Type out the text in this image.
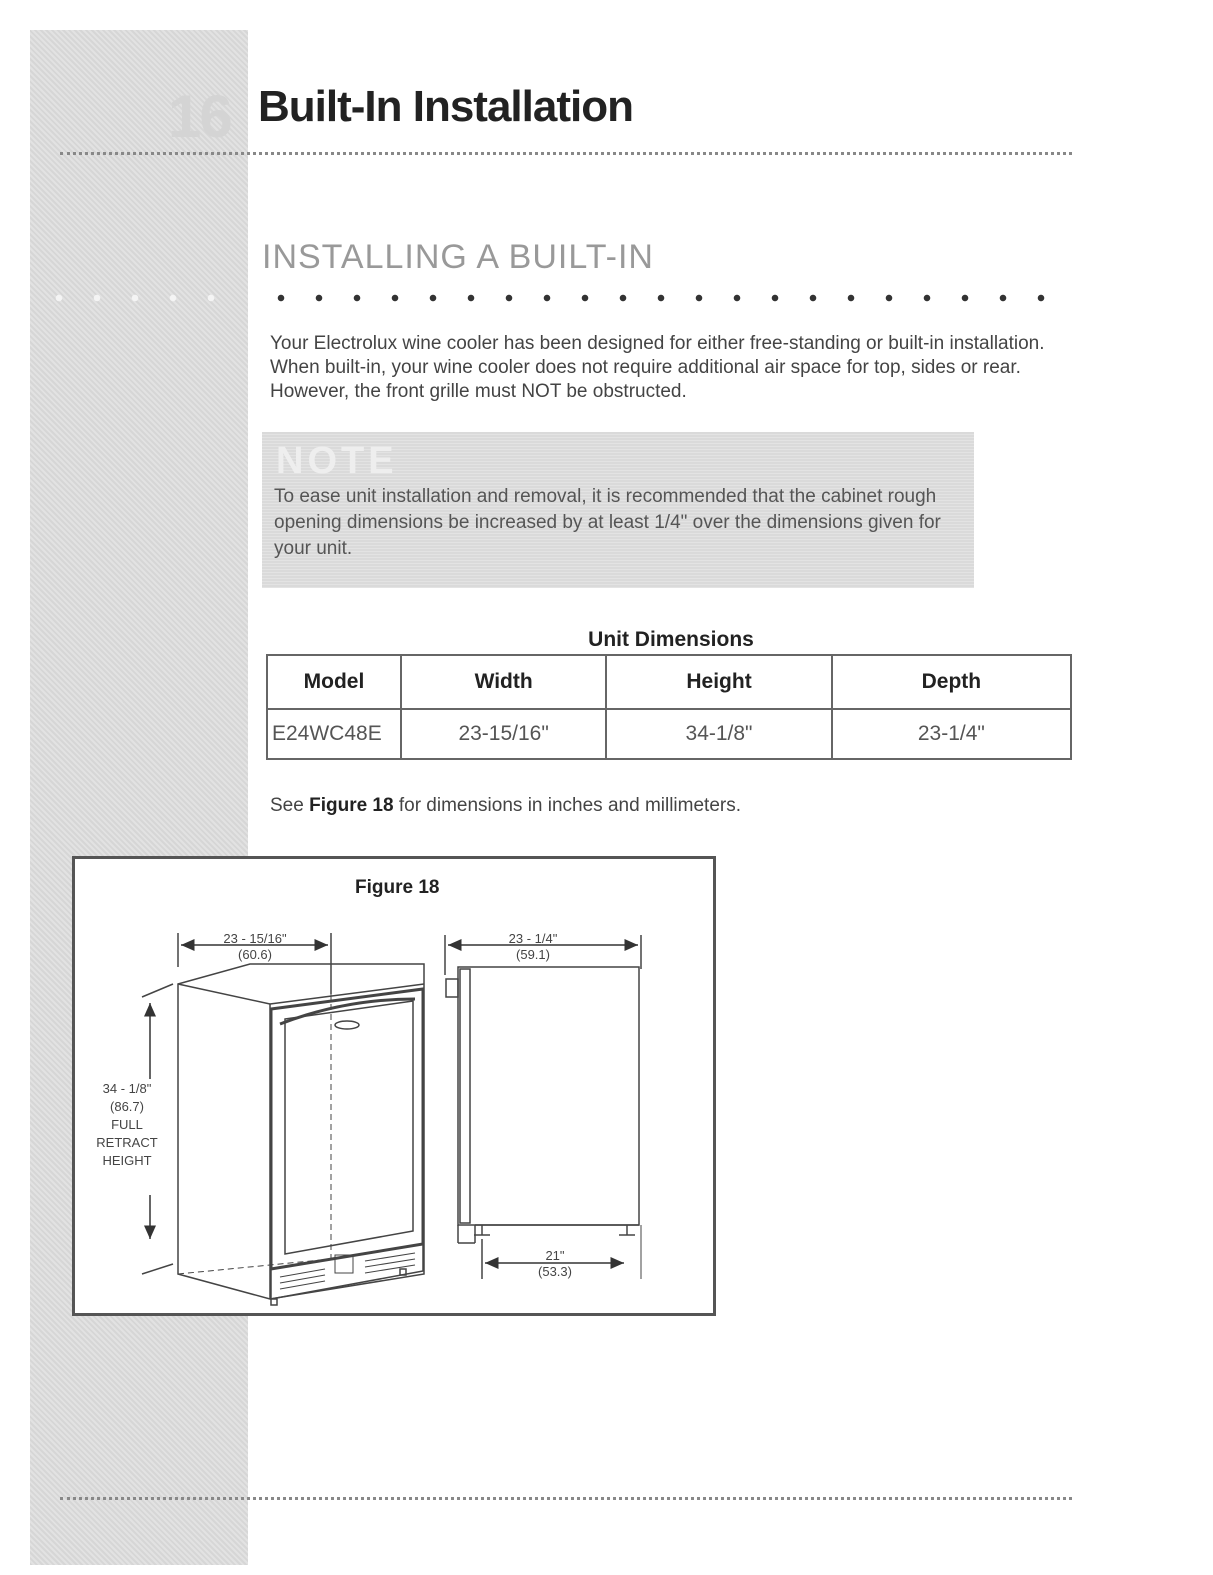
16 Built-In Installation
INSTALLING A BUILT-IN

Your Electrolux wine cooler has been designed for either free-standing or built-in installation. When built-in, your wine cooler does not require additional air space for top, sides or rear. However, the front grille must NOT be obstructed.

NOTE

To ease unit installation and removal, it is recommended that the cabinet rough opening dimensions be increased by at least 1/4" over the dimensions given for your unit.

Unit Dimensions
Model	Width	Height	Depth
E24WC48E	23-15/16"	34-1/8"	23-1/4"

See Figure 18 for dimensions in inches and millimeters.

Figure 18
23 - 15/16"
(60.6)
34 - 1/8"
(86.7)
FULL
RETRACT
HEIGHT
23 - 1/4"
(59.1)
21"
(53.3)
